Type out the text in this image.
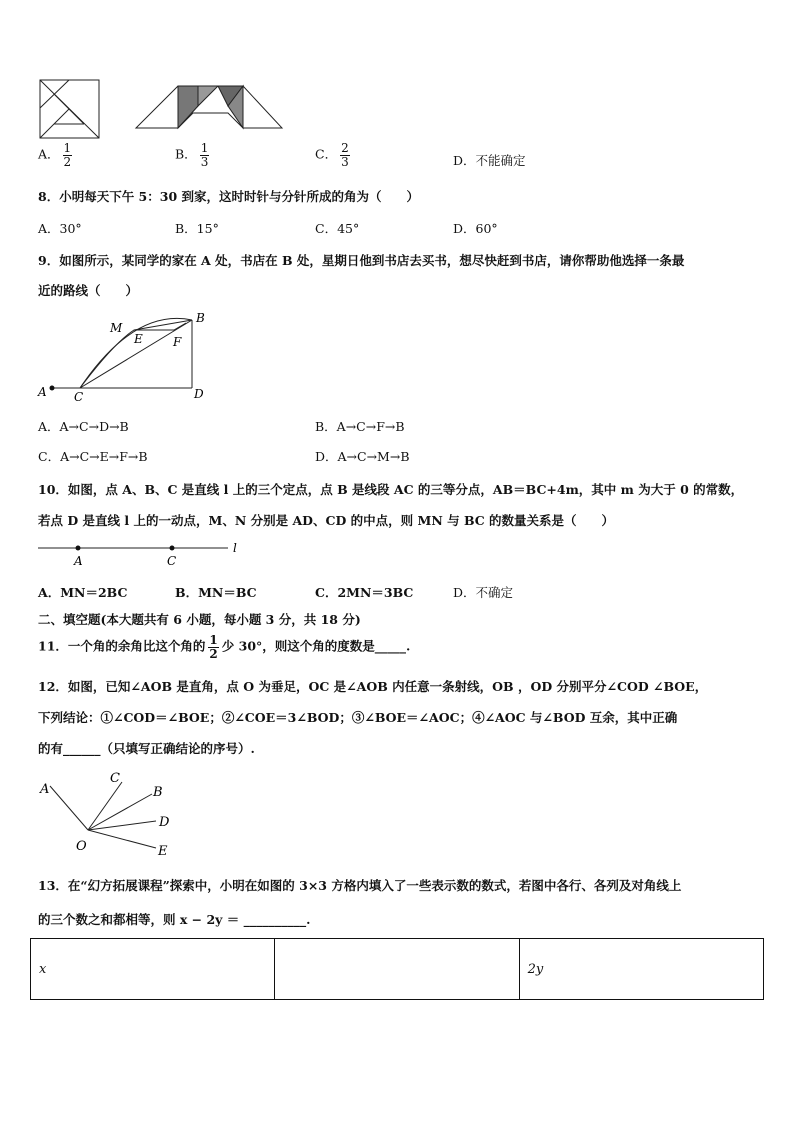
A． $\frac{1}{2}$	B． $\frac{1}{3}$	C． $\frac{2}{3}$	D．不能确定
8．小明每天下午 5：30 到家，这时时针与分针所成的角为（　　）
A．30°	B．15°	C．45°	D．60°
9．如图所示，某同学的家在 A 处，书店在 B 处，星期日他到书店去买书，想尽快赶到书店，请你帮助他选择一条最
近的路线（　　）
A
B
C	D
E	F
M
A．A→C→D→B	B．A→C→F→B
C．A→C→E→F→B	D．A→C→M→B
10．如图，点 A、B、C 是直线 l 上的三个定点，点 B 是线段 AC 的三等分点，AB＝BC+4m，其中 m 为大于 0 的常数，
若点 D 是直线 l 上的一动点，M、N 分别是 AD、CD 的中点，则 MN 与 BC 的数量关系是（　　）
A	C
l
A．MN＝2BC	B．MN＝BC	C．2MN＝3BC	D．不确定
二、填空题(本大题共有 6 小题，每小题 3 分，共 18 分)
11．一个角的余角比这个角的 $\frac{1}{2}$ 少 30°，则这个角的度数是_____.
12．如图，已知∠AOB 是直角，点 O 为垂足，OC 是∠AOB 内任意一条射线，OB ，OD 分别平分∠COD ∠BOE，
下列结论：①∠COD＝∠BOE；②∠COE＝3∠BOD；③∠BOE＝∠AOC；④∠AOC 与∠BOD 互余，其中正确
的有______（只填写正确结论的序号）.
A
C
B
D
E
O
13．在“幻方拓展课程”探索中，小明在如图的 3×3 方格内填入了一些表示数的数式，若图中各行、各列及对角线上
的三个数之和都相等，则 x − 2y ＝ __________.
x		2y
